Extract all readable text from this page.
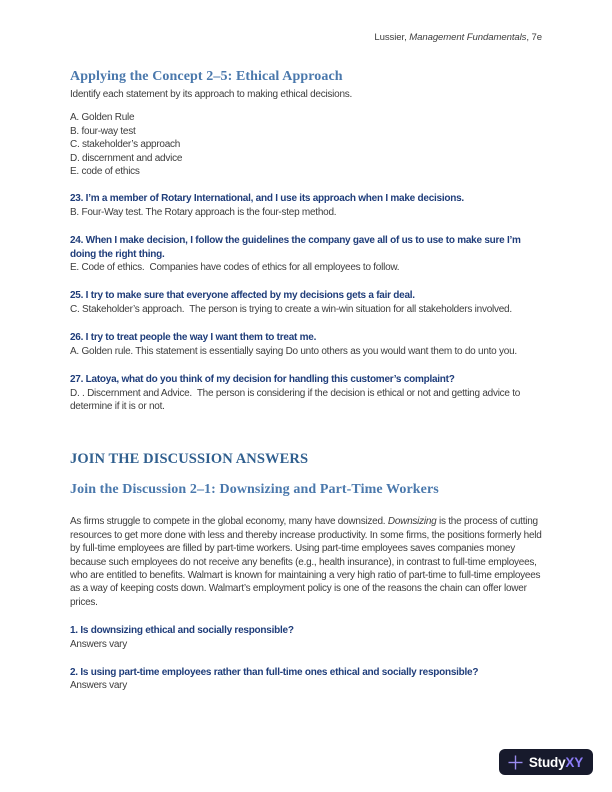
Lussier, Management Fundamentals, 7e
Applying the Concept 2–5: Ethical Approach
Identify each statement by its approach to making ethical decisions.
A. Golden Rule
B. four-way test
C. stakeholder’s approach
D. discernment and advice
E. code of ethics
23. I’m a member of Rotary International, and I use its approach when I make decisions.
B. Four-Way test. The Rotary approach is the four-step method.
24. When I make decision, I follow the guidelines the company gave all of us to use to make sure I’m doing the right thing.
E. Code of ethics.  Companies have codes of ethics for all employees to follow.
25. I try to make sure that everyone affected by my decisions gets a fair deal.
C. Stakeholder’s approach.  The person is trying to create a win-win situation for all stakeholders involved.
26. I try to treat people the way I want them to treat me.
A. Golden rule. This statement is essentially saying Do unto others as you would want them to do unto you.
27. Latoya, what do you think of my decision for handling this customer’s complaint?
D. . Discernment and Advice.  The person is considering if the decision is ethical or not and getting advice to determine if it is or not.
JOIN THE DISCUSSION ANSWERS
Join the Discussion 2–1: Downsizing and Part-Time Workers
As firms struggle to compete in the global economy, many have downsized. Downsizing is the process of cutting resources to get more done with less and thereby increase productivity. In some firms, the positions formerly held by full-time employees are filled by part-time workers. Using part-time employees saves companies money because such employees do not receive any benefits (e.g., health insurance), in contrast to full-time employees, who are entitled to benefits. Walmart is known for maintaining a very high ratio of part-time to full-time employees as a way of keeping costs down. Walmart’s employment policy is one of the reasons the chain can offer lower prices.
1. Is downsizing ethical and socially responsible?
Answers vary
2. Is using part-time employees rather than full-time ones ethical and socially responsible?
Answers vary
StudyXY
